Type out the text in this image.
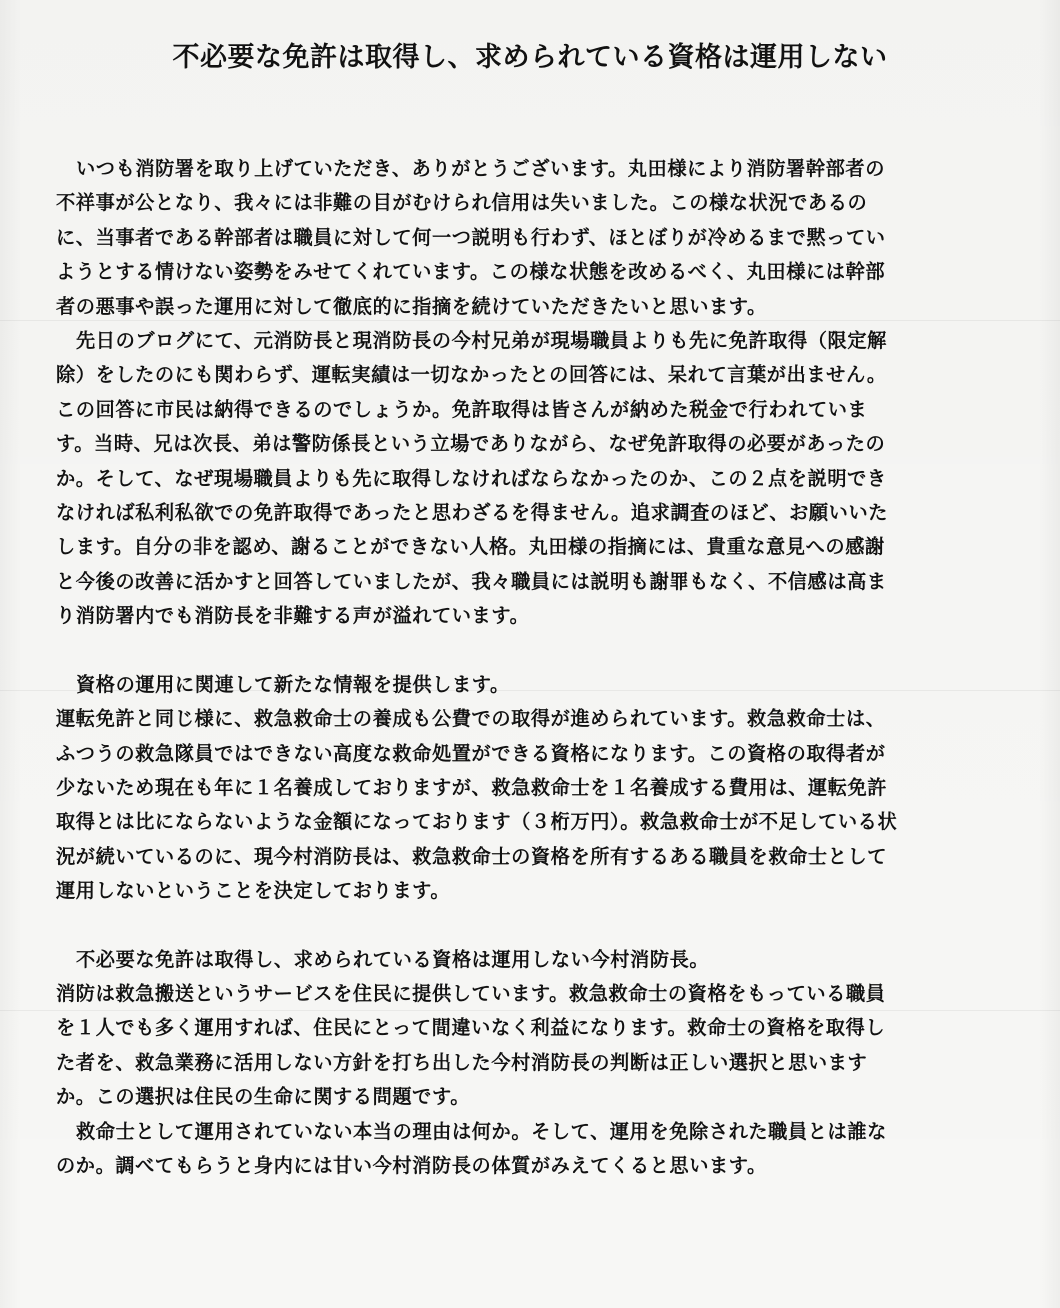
不必要な免許は取得し、求められている資格は運用しない
いつも消防署を取り上げていただき、ありがとうございます。丸田様により消防署幹部者の
不祥事が公となり、我々には非難の目がむけられ信用は失いました。この様な状況であるの
に、当事者である幹部者は職員に対して何一つ説明も行わず、ほとぼりが冷めるまで黙ってい
ようとする情けない姿勢をみせてくれています。この様な状態を改めるべく、丸田様には幹部
者の悪事や誤った運用に対して徹底的に指摘を続けていただきたいと思います。
先日のブログにて、元消防長と現消防長の今村兄弟が現場職員よりも先に免許取得（限定解
除）をしたのにも関わらず、運転実績は一切なかったとの回答には、呆れて言葉が出ません。
この回答に市民は納得できるのでしょうか。免許取得は皆さんが納めた税金で行われていま
す。当時、兄は次長、弟は警防係長という立場でありながら、なぜ免許取得の必要があったの
か。そして、なぜ現場職員よりも先に取得しなければならなかったのか、この２点を説明でき
なければ私利私欲での免許取得であったと思わざるを得ません。追求調査のほど、お願いいた
します。自分の非を認め、謝ることができない人格。丸田様の指摘には、貴重な意見への感謝
と今後の改善に活かすと回答していましたが、我々職員には説明も謝罪もなく、不信感は高ま
り消防署内でも消防長を非難する声が溢れています。
資格の運用に関連して新たな情報を提供します。
運転免許と同じ様に、救急救命士の養成も公費での取得が進められています。救急救命士は、
ふつうの救急隊員ではできない高度な救命処置ができる資格になります。この資格の取得者が
少ないため現在も年に１名養成しておりますが、救急救命士を１名養成する費用は、運転免許
取得とは比にならないような金額になっております（３桁万円）。救急救命士が不足している状
況が続いているのに、現今村消防長は、救急救命士の資格を所有するある職員を救命士として
運用しないということを決定しております。
不必要な免許は取得し、求められている資格は運用しない今村消防長。
消防は救急搬送というサービスを住民に提供しています。救急救命士の資格をもっている職員
を１人でも多く運用すれば、住民にとって間違いなく利益になります。救命士の資格を取得し
た者を、救急業務に活用しない方針を打ち出した今村消防長の判断は正しい選択と思います
か。この選択は住民の生命に関する問題です。
救命士として運用されていない本当の理由は何か。そして、運用を免除された職員とは誰な
のか。調べてもらうと身内には甘い今村消防長の体質がみえてくると思います。
